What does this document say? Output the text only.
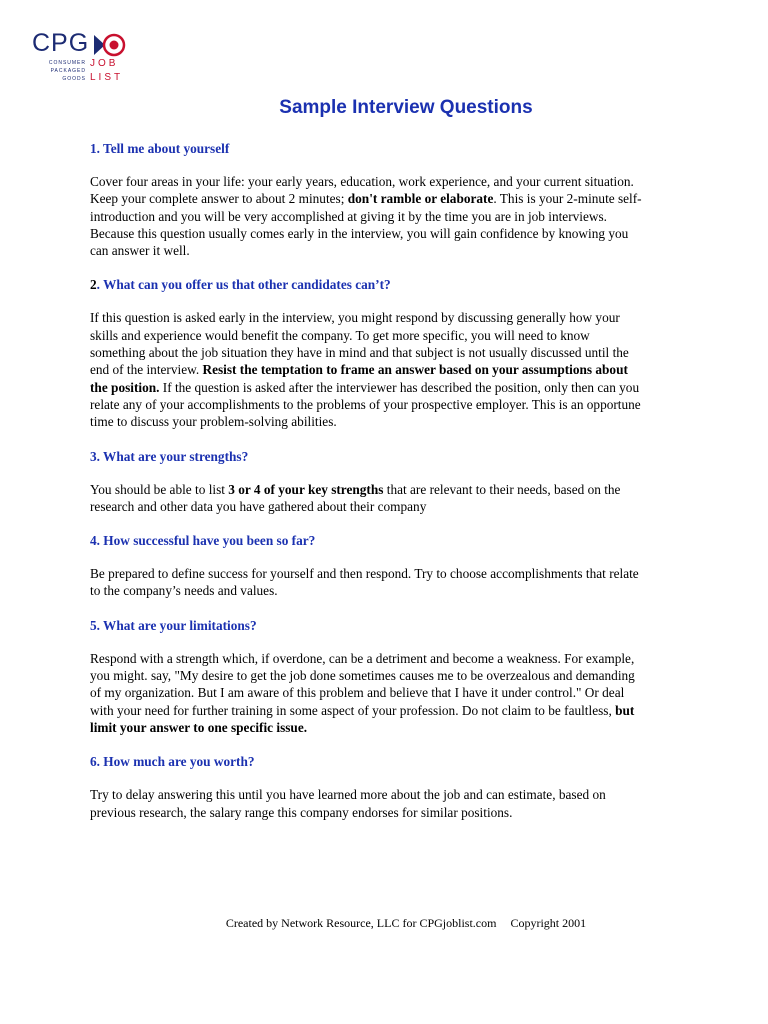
CPG
CONSUMER
PACKAGED
GOODS
JOB
LIST
Sample Interview Questions
1. Tell me about yourself
Cover four areas in your life: your early years, education, work experience, and your current situation.
Keep your complete answer to about 2 minutes; don't ramble or elaborate. This is your 2-minute self-
introduction and you will be very accomplished at giving it by the time you are in job interviews.
Because this question usually comes early in the interview, you will gain confidence by knowing you
can answer it well.
2. What can you offer us that other candidates can’t?
If this question is asked early in the interview, you might respond by discussing generally how your
skills and experience would benefit the company. To get more specific, you will need to know
something about the job situation they have in mind and that subject is not usually discussed until the
end of the interview. Resist the temptation to frame an answer based on your assumptions about
the position. If the question is asked after the interviewer has described the position, only then can you
relate any of your accomplishments to the problems of your prospective employer. This is an opportune
time to discuss your problem-solving abilities.
3. What are your strengths?
You should be able to list 3 or 4 of your key strengths that are relevant to their needs, based on the
research and other data you have gathered about their company
4. How successful have you been so far?
Be prepared to define success for yourself and then respond. Try to choose accomplishments that relate
to the company’s needs and values.
5. What are your limitations?
Respond with a strength which, if overdone, can be a detriment and become a weakness. For example,
you might. say, "My desire to get the job done sometimes causes me to be overzealous and demanding
of my organization. But I am aware of this problem and believe that I have it under control." Or deal
with your need for further training in some aspect of your profession. Do not claim to be faultless, but
limit your answer to one specific issue.
6. How much are you worth?
Try to delay answering this until you have learned more about the job and can estimate, based on
previous research, the salary range this company endorses for similar positions.
Created by Network Resource, LLC for CPGjoblist.com Copyright 2001
